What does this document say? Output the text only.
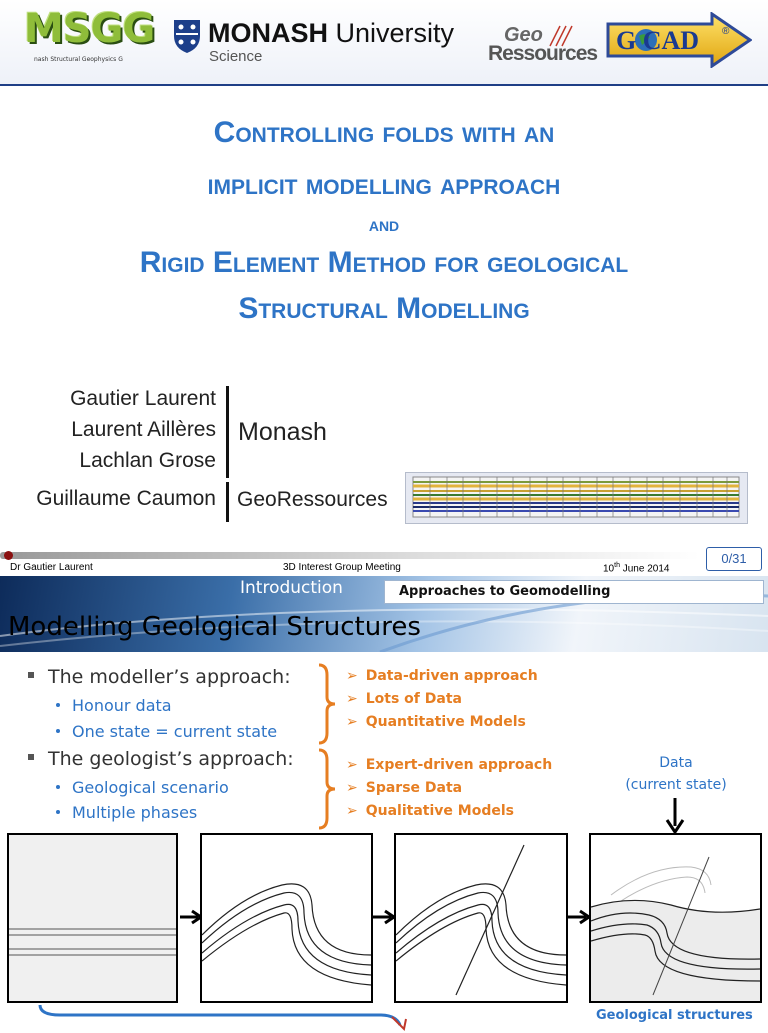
MSGG
nash Structural Geophysics G
MONASH University
Science
Geo
Ressources G CAD ®
Controlling folds with an
implicit modelling approach
and
Rigid Element Method for geological
Structural Modelling
Gautier Laurent
Laurent Aillères
Lachlan Grose
Guillaume Caumon
Monash
GeoRessources
Dr Gautier Laurent	3D Interest Group Meeting	10th June 2014
0/31
Introduction	Approaches to Geomodelling
Modelling Geological Structures
The modeller’s approach:
Honour data
One state = current state
➢ Data-driven approach
➢ Lots of Data
➢ Quantitative Models
The geologist’s approach:
Geological scenario
Multiple phases
➢ Expert-driven approach
➢ Sparse Data
➢ Qualitative Models
Data
(current state)
Geological structures
